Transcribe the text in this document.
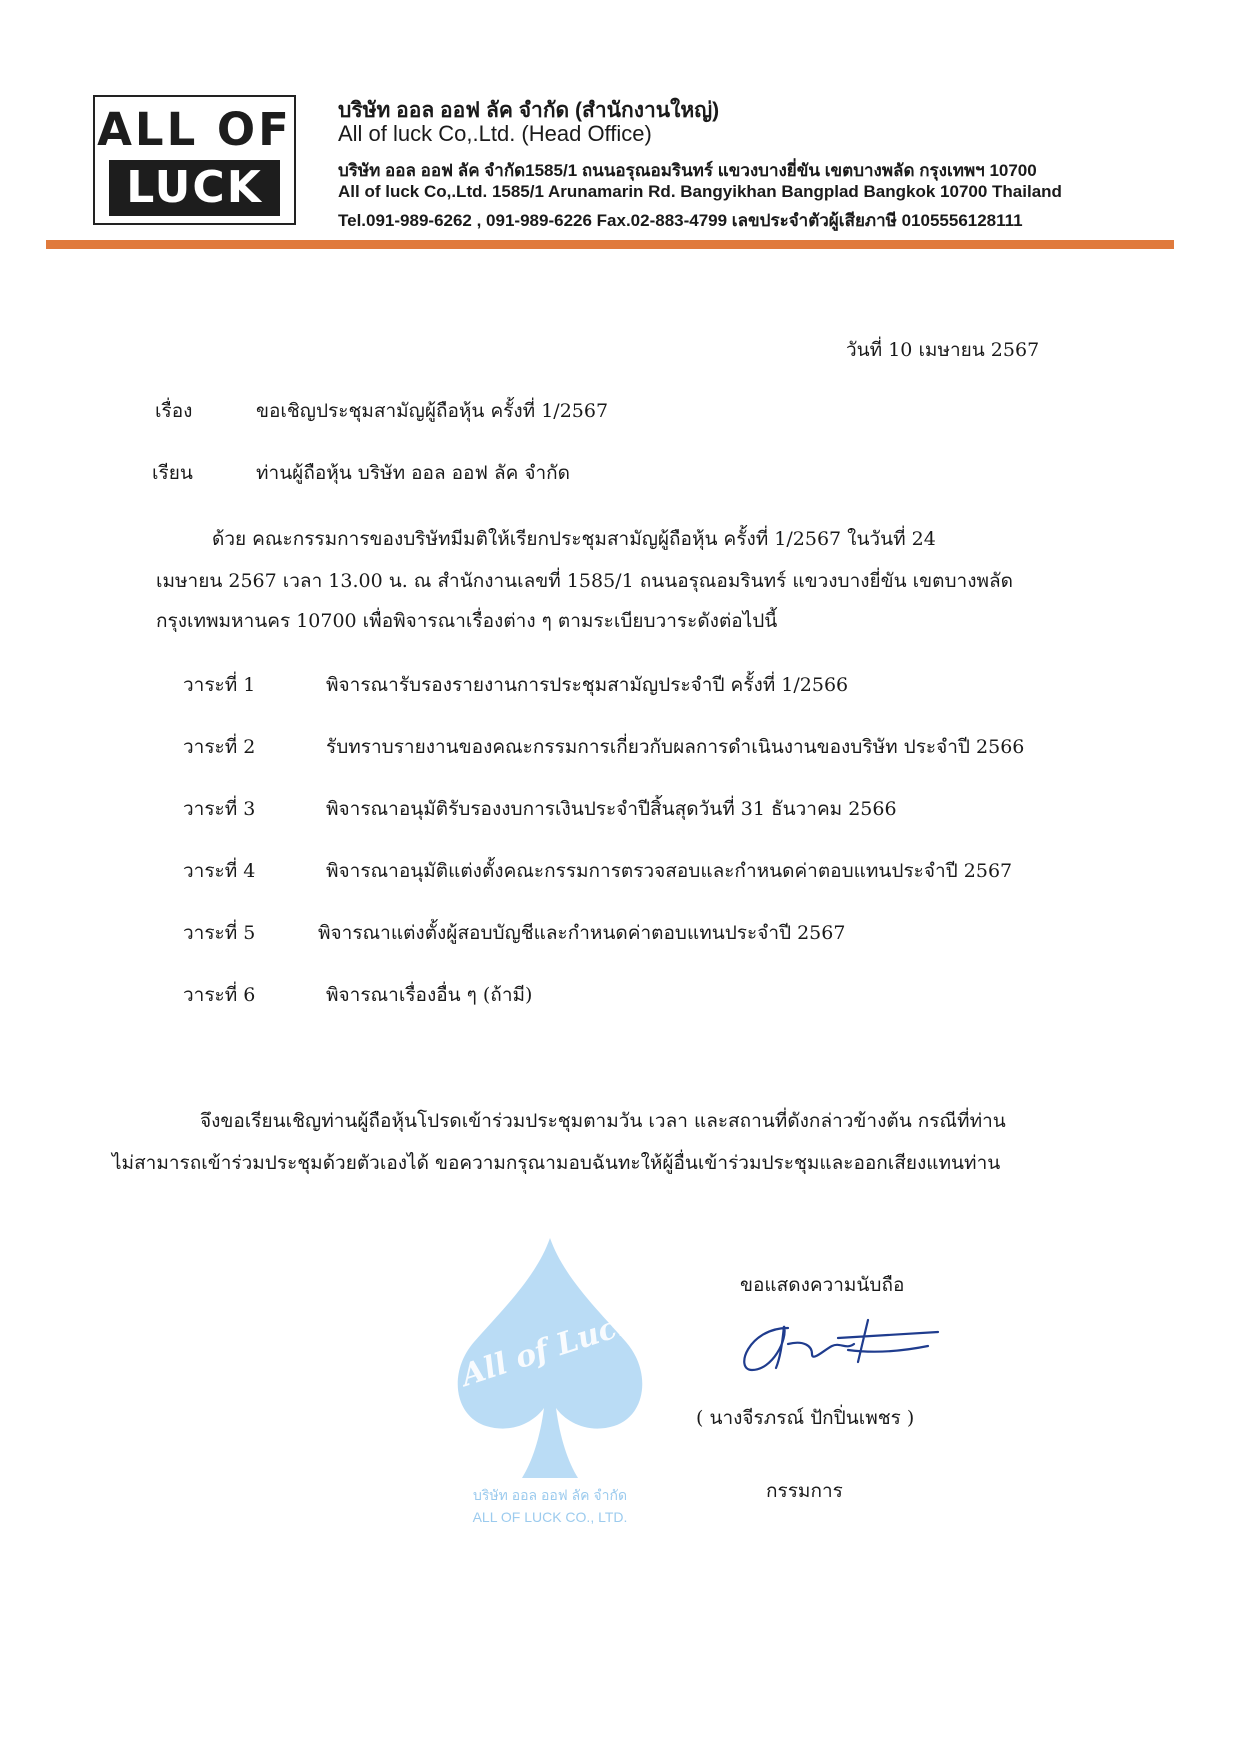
ALL OF
LUCK
บริษัท ออล ออฟ ลัค จำกัด (สำนักงานใหญ่)
All of luck Co,.Ltd. (Head Office)
บริษัท ออล ออฟ ลัค จำกัด1585/1 ถนนอรุณอมรินทร์ แขวงบางยี่ขัน เขตบางพลัด กรุงเทพฯ 10700
All of luck Co,.Ltd. 1585/1 Arunamarin Rd. Bangyikhan Bangplad Bangkok 10700 Thailand
Tel.091-989-6262 , 091-989-6226 Fax.02-883-4799 เลขประจำตัวผู้เสียภาษี 0105556128111
วันที่ 10 เมษายน 2567
เรื่อง	ขอเชิญประชุมสามัญผู้ถือหุ้น ครั้งที่ 1/2567
เรียน	ท่านผู้ถือหุ้น บริษัท ออล ออฟ ลัค จำกัด
ด้วย คณะกรรมการของบริษัทมีมติให้เรียกประชุมสามัญผู้ถือหุ้น ครั้งที่ 1/2567 ในวันที่ 24
เมษายน 2567 เวลา 13.00 น. ณ สำนักงานเลขที่ 1585/1 ถนนอรุณอมรินทร์ แขวงบางยี่ขัน เขตบางพลัด
กรุงเทพมหานคร 10700 เพื่อพิจารณาเรื่องต่าง ๆ ตามระเบียบวาระดังต่อไปนี้
วาระที่ 1	พิจารณารับรองรายงานการประชุมสามัญประจำปี ครั้งที่ 1/2566
วาระที่ 2	รับทราบรายงานของคณะกรรมการเกี่ยวกับผลการดำเนินงานของบริษัท ประจำปี 2566
วาระที่ 3	พิจารณาอนุมัติรับรองงบการเงินประจำปีสิ้นสุดวันที่ 31 ธันวาคม 2566
วาระที่ 4	พิจารณาอนุมัติแต่งตั้งคณะกรรมการตรวจสอบและกำหนดค่าตอบแทนประจำปี 2567
วาระที่ 5	พิจารณาแต่งตั้งผู้สอบบัญชีและกำหนดค่าตอบแทนประจำปี 2567
วาระที่ 6	พิจารณาเรื่องอื่น ๆ (ถ้ามี)
จึงขอเรียนเชิญท่านผู้ถือหุ้นโปรดเข้าร่วมประชุมตามวัน เวลา และสถานที่ดังกล่าวข้างต้น กรณีที่ท่าน
ไม่สามารถเข้าร่วมประชุมด้วยตัวเองได้ ขอความกรุณามอบฉันทะให้ผู้อื่นเข้าร่วมประชุมและออกเสียงแทนท่าน
All of Luck
บริษัท ออล ออฟ ลัค จำกัด
ALL OF LUCK CO., LTD.
ขอแสดงความนับถือ
( นางจีรภรณ์ ปักปิ่นเพชร )
กรรมการ
